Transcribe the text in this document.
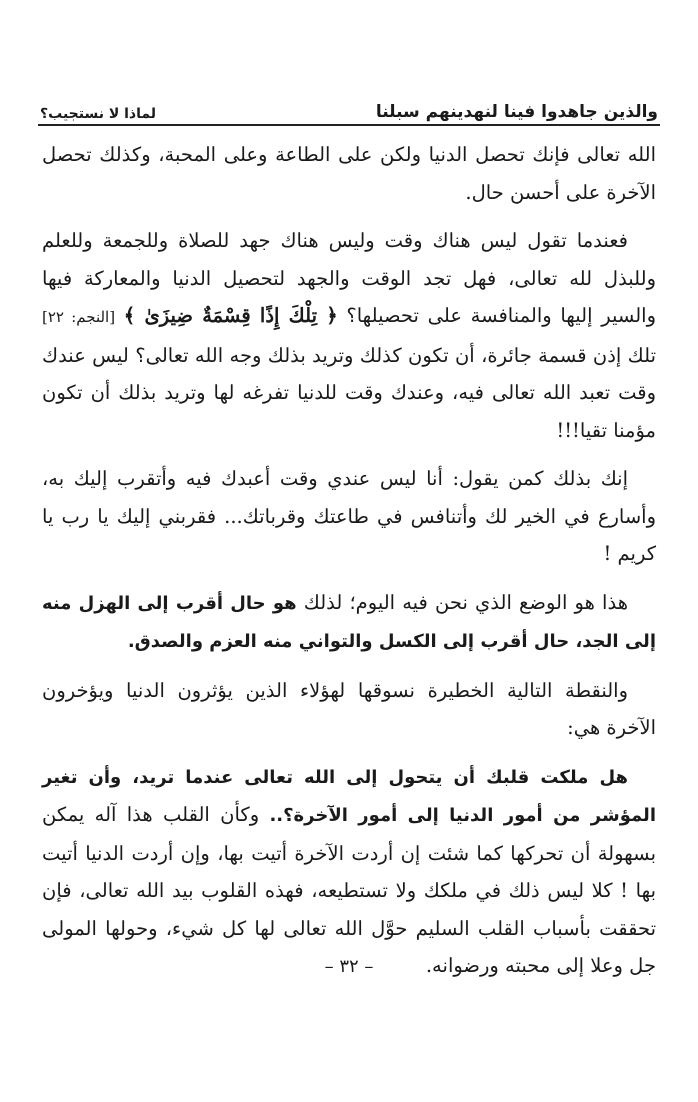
والذين جاهدوا فينا لنهدينهم سبلنا
لماذا لا نستجيب؟

الله تعالى فإنك تحصل الدنيا ولكن على الطاعة وعلى المحبة، وكذلك تحصل الآخرة على أحسن حال.

فعندما تقول ليس هناك وقت وليس هناك جهد للصلاة وللجمعة وللعلم وللبذل لله تعالى، فهل تجد الوقت والجهد لتحصيل الدنيا والمعاركة فيها والسير إليها والمنافسة على تحصيلها؟ ﴿ تِلْكَ إِذًا قِسْمَةٌ ضِيزَىٰ ﴾ [النجم: ٢٢] تلك إذن قسمة جائرة، أن تكون كذلك وتريد بذلك وجه الله تعالى؟ ليس عندك وقت تعبد الله تعالى فيه، وعندك وقت للدنيا تفرغه لها وتريد بذلك أن تكون مؤمنا تقيا!!!

إنك بذلك كمن يقول: أنا ليس عندي وقت أعبدك فيه وأتقرب إليك به، وأسارع في الخير لك وأتنافس في طاعتك وقرباتك... فقربني إليك يا رب يا كريم !

هذا هو الوضع الذي نحن فيه اليوم؛ لذلك هو حال أقرب إلى الهزل منه إلى الجد، حال أقرب إلى الكسل والتواني منه العزم والصدق.

والنقطة التالية الخطيرة نسوقها لهؤلاء الذين يؤثرون الدنيا ويؤخرون الآخرة هي:

هل ملكت قلبك أن يتحول إلى الله تعالى عندما تريد، وأن تغير المؤشر من أمور الدنيا إلى أمور الآخرة؟.. وكأن القلب هذا آله يمكن بسهولة أن تحركها كما شئت إن أردت الآخرة أتيت بها، وإن أردت الدنيا أتيت بها ! كلا ليس ذلك في ملكك ولا تستطيعه، فهذه القلوب بيد الله تعالى، فإن تحققت بأسباب القلب السليم حوَّل الله تعالى لها كل شيء، وحولها المولى جل وعلا إلى محبته ورضوانه.

– ٣٢ –
